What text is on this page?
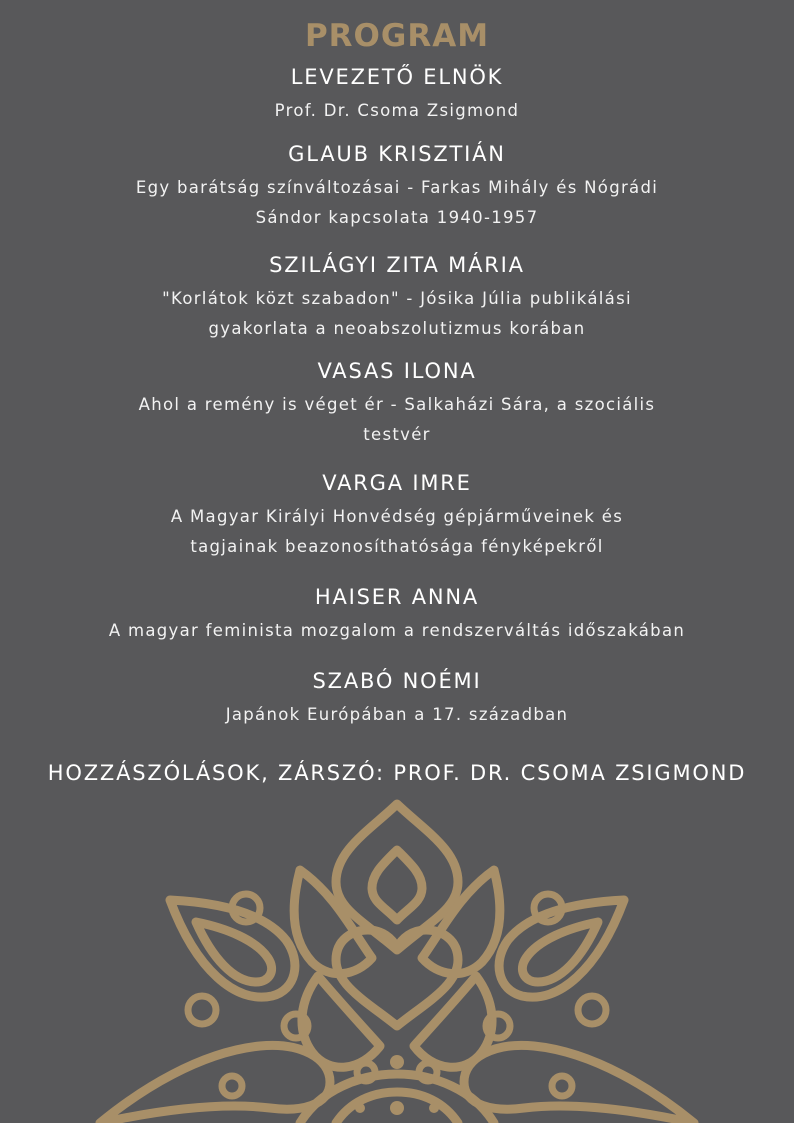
PROGRAM
LEVEZETŐ ELNÖK
Prof. Dr. Csoma Zsigmond
GLAUB KRISZTIÁN
Egy barátság színváltozásai - Farkas Mihály és Nógrádi Sándor kapcsolata 1940-1957
SZILÁGYI ZITA MÁRIA
"Korlátok közt szabadon" - Jósika Júlia publikálási gyakorlata a neoabszolutizmus korában
VASAS ILONA
Ahol a remény is véget ér - Salkaházi Sára, a szociális testvér
VARGA IMRE
A Magyar Királyi Honvédség gépjárműveinek és tagjainak beazonosíthatósága fényképekről
HAISER ANNA
A magyar feminista mozgalom a rendszerváltás időszakában
SZABÓ NOÉMI
Japánok Európában a 17. században
HOZZÁSZÓLÁSOK, ZÁRSZÓ: PROF. DR. CSOMA ZSIGMOND
